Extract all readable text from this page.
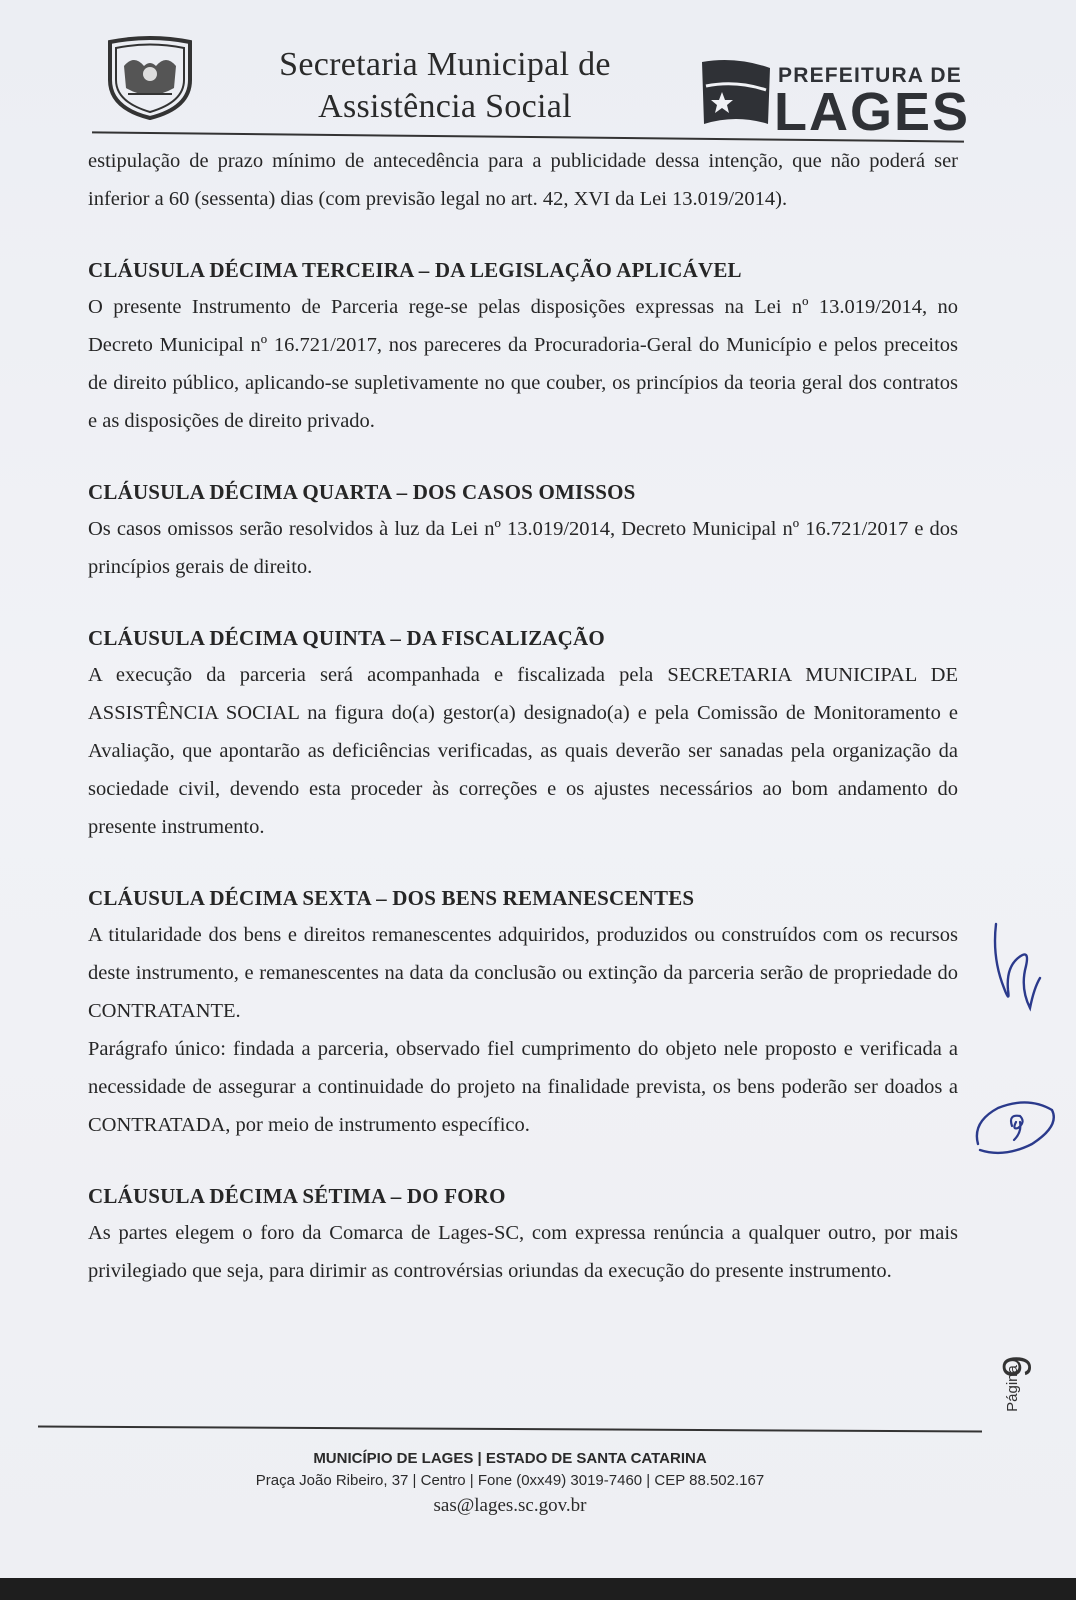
Secretaria Municipal de
Assistência Social
PREFEITURA DE
LAGES

estipulação de prazo mínimo de antecedência para a publicidade dessa intenção, que não poderá ser inferior a 60 (sessenta) dias (com previsão legal no art. 42, XVI da Lei 13.019/2014).

CLÁUSULA DÉCIMA TERCEIRA – DA LEGISLAÇÃO APLICÁVEL

O presente Instrumento de Parceria rege-se pelas disposições expressas na Lei nº 13.019/2014, no Decreto Municipal nº 16.721/2017, nos pareceres da Procuradoria-Geral do Município e pelos preceitos de direito público, aplicando-se supletivamente no que couber, os princípios da teoria geral dos contratos e as disposições de direito privado.

CLÁUSULA DÉCIMA QUARTA – DOS CASOS OMISSOS

Os casos omissos serão resolvidos à luz da Lei nº 13.019/2014, Decreto Municipal nº 16.721/2017 e dos princípios gerais de direito.

CLÁUSULA DÉCIMA QUINTA – DA FISCALIZAÇÃO

A execução da parceria será acompanhada e fiscalizada pela SECRETARIA MUNICIPAL DE ASSISTÊNCIA SOCIAL na figura do(a) gestor(a) designado(a) e pela Comissão de Monitoramento e Avaliação, que apontarão as deficiências verificadas, as quais deverão ser sanadas pela organização da sociedade civil, devendo esta proceder às correções e os ajustes necessários ao bom andamento do presente instrumento.

CLÁUSULA DÉCIMA SEXTA – DOS BENS REMANESCENTES

A titularidade dos bens e direitos remanescentes adquiridos, produzidos ou construídos com os recursos deste instrumento, e remanescentes na data da conclusão ou extinção da parceria serão de propriedade do CONTRATANTE.

Parágrafo único: findada a parceria, observado fiel cumprimento do objeto nele proposto e verificada a necessidade de assegurar a continuidade do projeto na finalidade prevista, os bens poderão ser doados a CONTRATADA, por meio de instrumento específico.

CLÁUSULA DÉCIMA SÉTIMA – DO FORO

As partes elegem o foro da Comarca de Lages-SC, com expressa renúncia a qualquer outro, por mais privilegiado que seja, para dirimir as controvérsias oriundas da execução do presente instrumento.

9
Página
MUNICÍPIO DE LAGES | ESTADO DE SANTA CATARINA
Praça João Ribeiro, 37 | Centro | Fone (0xx49) 3019-7460 | CEP 88.502.167
sas@lages.sc.gov.br
